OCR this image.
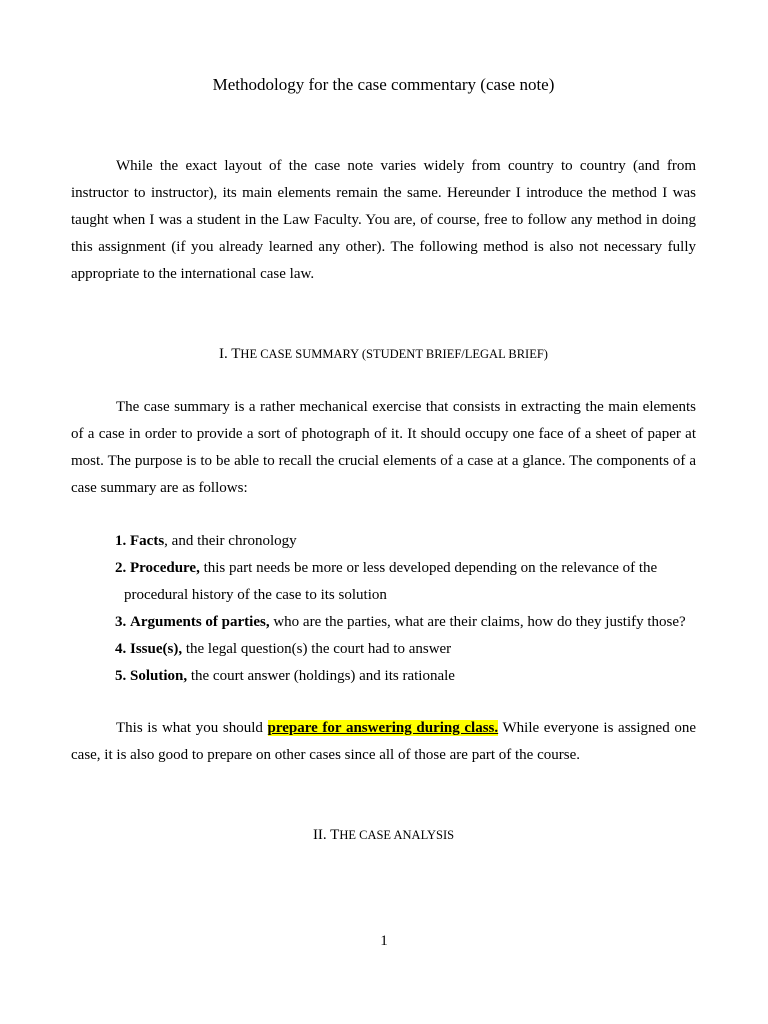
Methodology for the case commentary (case note)

While the exact layout of the case note varies widely from country to country (and from instructor to instructor), its main elements remain the same. Hereunder I introduce the method I was taught when I was a student in the Law Faculty. You are, of course, free to follow any method in doing this assignment (if you already learned any other). The following method is also not necessary fully appropriate to the international case law.

I. THE CASE SUMMARY (STUDENT BRIEF/LEGAL BRIEF)

The case summary is a rather mechanical exercise that consists in extracting the main elements of a case in order to provide a sort of photograph of it. It should occupy one face of a sheet of paper at most. The purpose is to be able to recall the crucial elements of a case at a glance. The components of a case summary are as follows:

1. Facts, and their chronology
2. Procedure, this part needs be more or less developed depending on the relevance of the
procedural history of the case to its solution
3. Arguments of parties, who are the parties, what are their claims, how do they justify those?
4. Issue(s), the legal question(s) the court had to answer
5. Solution, the court answer (holdings) and its rationale

This is what you should prepare for answering during class. While everyone is assigned one case, it is also good to prepare on other cases since all of those are part of the course.

II. THE CASE ANALYSIS
1
